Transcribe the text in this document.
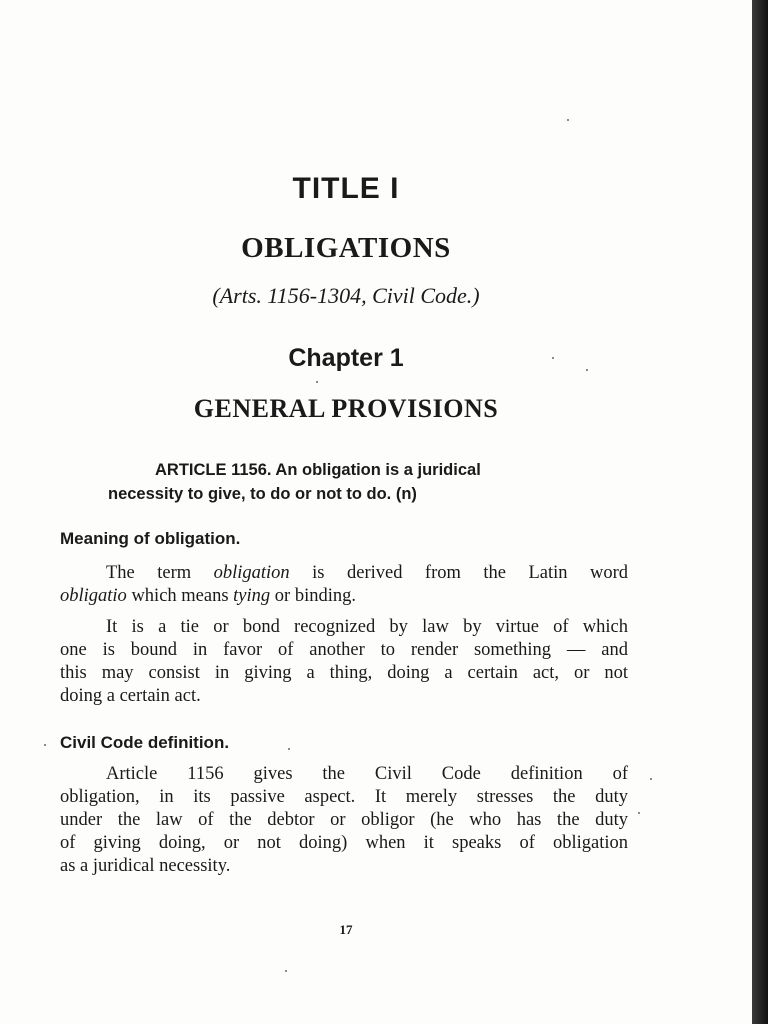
TITLE I
OBLIGATIONS
(Arts. 1156-1304, Civil Code.)
Chapter 1
GENERAL PROVISIONS
ARTICLE 1156. An obligation is a juridical
necessity to give, to do or not to do. (n)
Meaning of obligation.
The term obligation is derived from the Latin word
obligatio which means tying or binding.
It is a tie or bond recognized by law by virtue of which
one is bound in favor of another to render something — and
this may consist in giving a thing, doing a certain act, or not
doing a certain act.
Civil Code definition.
Article 1156 gives the Civil Code definition of
obligation, in its passive aspect. It merely stresses the duty
under the law of the debtor or obligor (he who has the duty
of giving doing, or not doing) when it speaks of obligation
as a juridical necessity.
17
